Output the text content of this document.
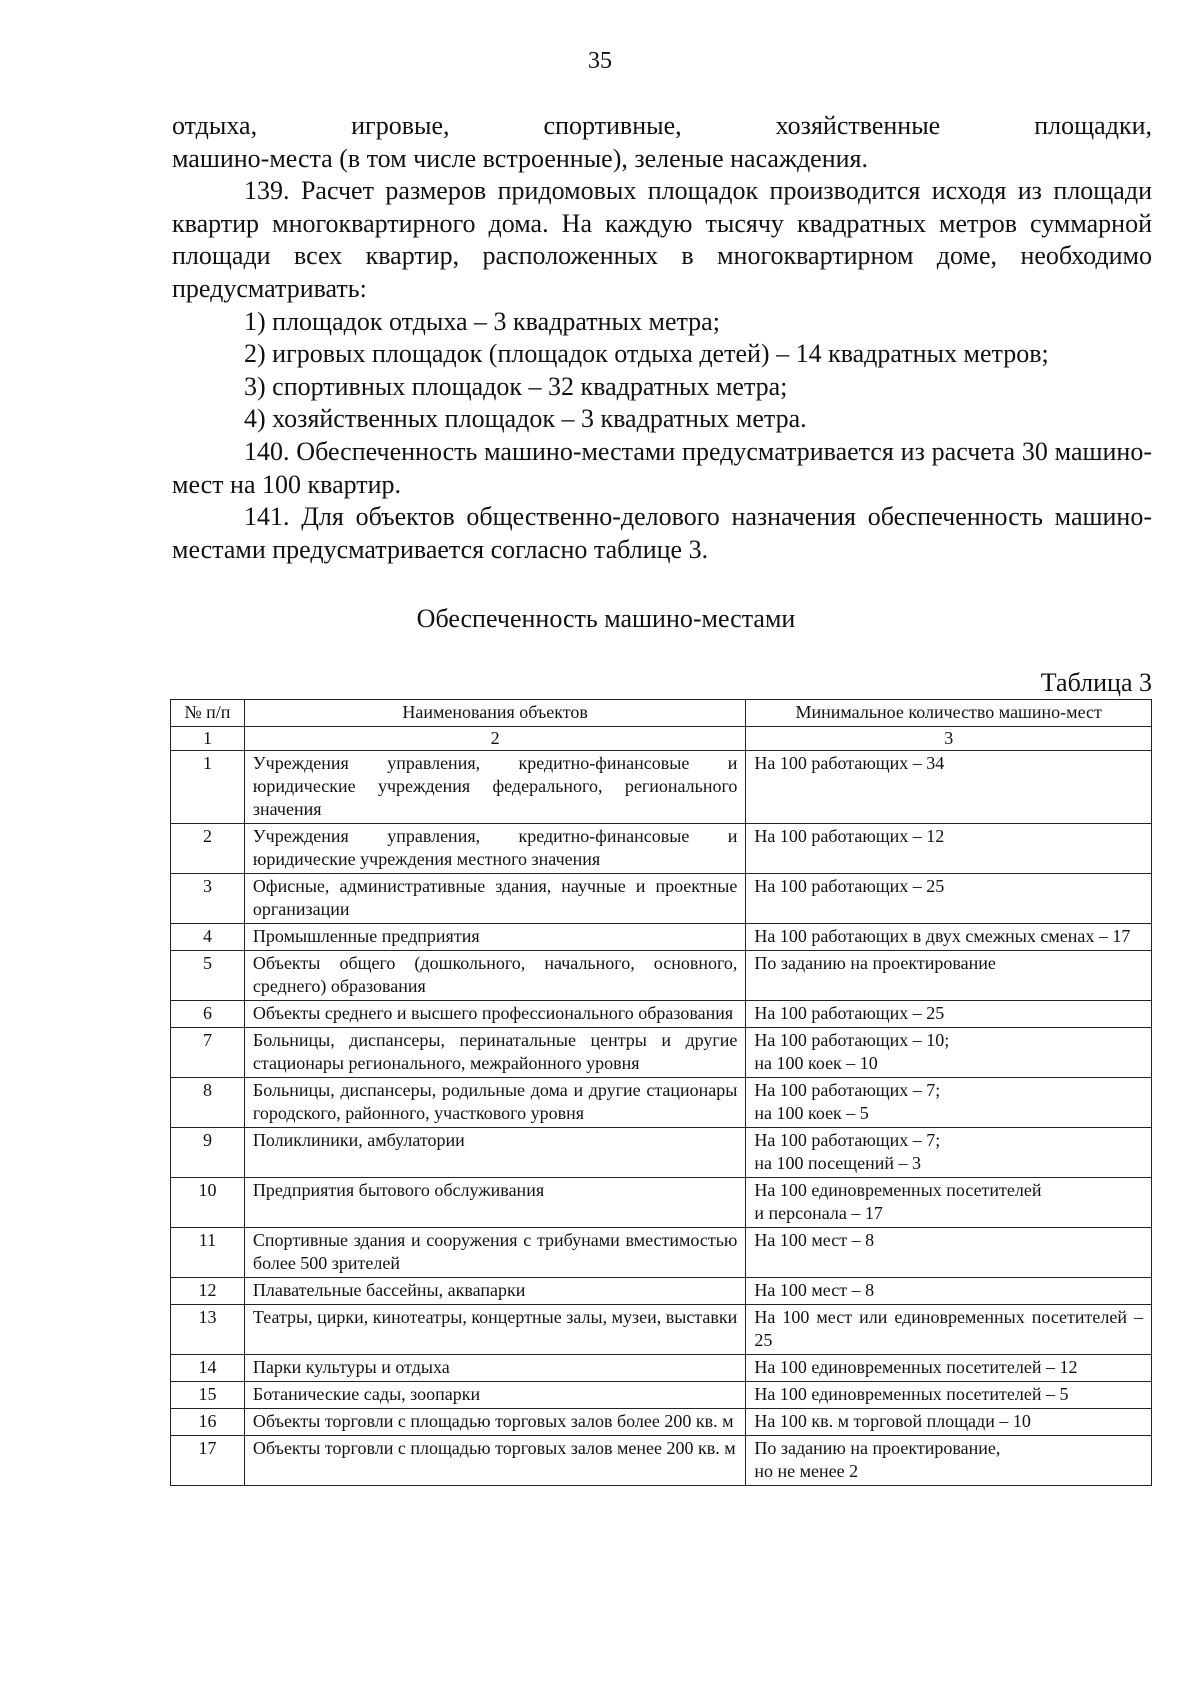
35

отдыха, игровые, спортивные, хозяйственные площадки,

машино-места (в том числе встроенные), зеленые насаждения.

139. Расчет размеров придомовых площадок производится исходя из площади квартир многоквартирного дома. На каждую тысячу квадратных метров суммарной площади всех квартир, расположенных в многоквартирном доме, необходимо предусматривать:

1) площадок отдыха – 3 квадратных метра;

2) игровых площадок (площадок отдыха детей) – 14 квадратных метров;

3) спортивных площадок – 32 квадратных метра;

4) хозяйственных площадок – 3 квадратных метра.

140. Обеспеченность машино-местами предусматривается из расчета 30 машино-мест на 100 квартир.

141. Для объектов общественно-делового назначения обеспеченность машино-местами предусматривается согласно таблице 3.

Обеспеченность машино-местами
Таблица 3
№ п/п	Наименования объектов	Минимальное количество машино-мест
1	2	3
1	Учреждения управления, кредитно-финансовые и юридические учреждения федерального, регионального значения	На 100 работающих – 34
2	Учреждения управления, кредитно-финансовые и юридические учреждения местного значения	На 100 работающих – 12
3	Офисные, административные здания, научные и проектные организации	На 100 работающих – 25
4	Промышленные предприятия	На 100 работающих в двух смежных сменах – 17
5	Объекты общего (дошкольного, начального, основного, среднего) образования	По заданию на проектирование
6	Объекты среднего и высшего профессионального образования	На 100 работающих – 25
7	Больницы, диспансеры, перинатальные центры и другие стационары регионального, межрайонного уровня	На 100 работающих – 10;
на 100 коек – 10
8	Больницы, диспансеры, родильные дома и другие стационары городского, районного, участкового уровня	На 100 работающих – 7;
на 100 коек – 5
9	Поликлиники, амбулатории	На 100 работающих – 7;
на 100 посещений – 3
10	Предприятия бытового обслуживания	На 100 единовременных посетителей
и персонала – 17
11	Спортивные здания и сооружения с трибунами вместимостью более 500 зрителей	На 100 мест – 8
12	Плавательные бассейны, аквапарки	На 100 мест – 8
13	Театры, цирки, кинотеатры, концертные залы, музеи, выставки	На 100 мест или единовременных посетителей – 25
14	Парки культуры и отдыха	На 100 единовременных посетителей – 12
15	Ботанические сады, зоопарки	На 100 единовременных посетителей – 5
16	Объекты торговли с площадью торговых залов более 200 кв. м	На 100 кв. м торговой площади – 10
17	Объекты торговли с площадью торговых залов менее 200 кв. м	По заданию на проектирование,
но не менее 2
